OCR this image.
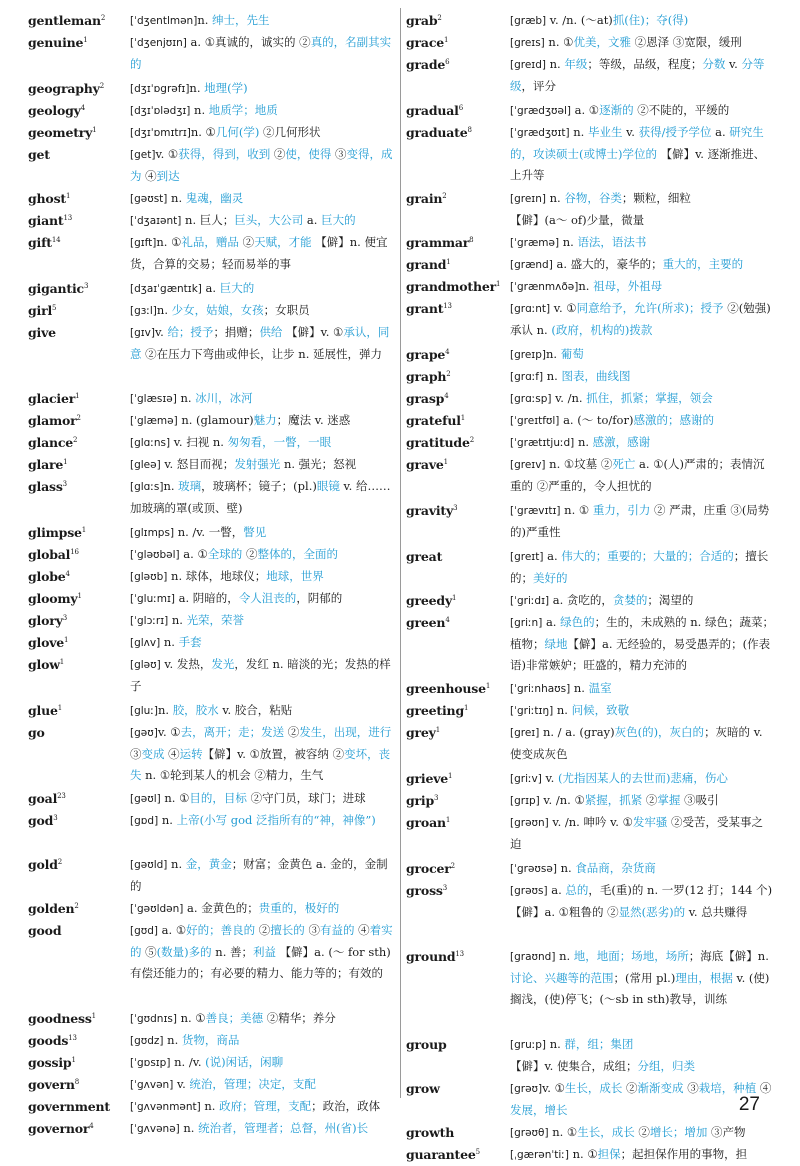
gentleman$^2$ [ˈdʒentlmən]n. 绅士，先生
genuine$^1$	[ˈdʒenjʊɪn] a. ①真诚的，诚实的 ②真的，名副其实的
geography$^2$ [dʒɪˈɒgrəfɪ]n. 地理(学)
geology$^4$	[dʒɪˈɒlədʒɪ] n. 地质学；地质
geometry$^1$	[dʒɪˈɒmɪtrɪ]n. ①几何(学) ②几何形状
get	[get]v. ①获得，得到，收到 ②使，使得 ③变得，成为 ④到达
ghost$^1$	[gəʊst] n. 鬼魂，幽灵
giant$^{13}$	[ˈdʒaɪənt] n. 巨人；巨头，大公司 a. 巨大的
gift$^{14}$	[gɪft]n. ①礼品，赠品 ②天赋，才能 【僻】n. 便宜货，合算的交易；轻而易举的事
gigantic$^3$	[dʒaɪˈgæntɪk] a. 巨大的
girl$^5$	[gɜːl]n. 少女，姑娘，女孩；女职员
give	[gɪv]v. 给；授予；捐赠；供给 【僻】v. ①承认，同意 ②在压力下弯曲或伸长，让步 n. 延展性，弹力
glacier$^1$	[ˈglæsɪə] n. 冰川，冰河
glamor$^2$	[ˈglæmə] n. (glamour)魅力；魔法 v. 迷惑
glance$^2$	[glɑːns] v. 扫视 n. 匆匆看，一瞥，一眼
glare$^1$	[gleə] v. 怒目而视；发射强光 n. 强光；怒视
glass$^3$	[glɑːs]n. 玻璃，玻璃杯；镜子；(pl.)眼镜 v. 给……加玻璃的罩(或顶、壁)
glimpse$^1$	[glɪmps] n. /v. 一瞥，瞥见
global$^{16}$	[ˈgləʊbəl] a. ①全球的 ②整体的，全面的
globe$^4$	[gləʊb] n. 球体，地球仪；地球，世界
gloomy$^1$	[ˈgluːmɪ] a. 阴暗的，令人沮丧的，阴郁的
glory$^3$	[ˈglɔːrɪ] n. 光荣，荣誉
glove$^1$	[glʌv] n. 手套
glow$^1$	[gləʊ] v. 发热，发光，发红 n. 暗淡的光；发热的样子
glue$^1$	[gluː]n. 胶，胶水 v. 胶合，粘贴
go	[gəʊ]v. ①去，离开；走；发送 ②发生，出现，进行 ③变成 ④运转【僻】v. ①放置，被容纳 ②变坏，丧失 n. ①轮到某人的机会 ②精力，生气
goal$^{23}$	[gəʊl] n. ①目的，目标 ②守门员，球门；进球
god$^3$	[gɒd] n. 上帝(小写 god 泛指所有的“神，神像”)
gold$^2$	[gəʊld] n. 金，黄金；财富；金黄色 a. 金的，金制的
golden$^2$	[ˈgəʊldən] a. 金黄色的；贵重的，极好的
good	[gʊd] a. ①好的；善良的 ②擅长的 ③有益的 ④着实的 ⑤(数量)多的 n. 善；利益 【僻】a. (～ for sth)有偿还能力的；有必要的精力、能力等的；有效的
goodness$^1$	[ˈgʊdnɪs] n. ①善良；美德 ②精华；养分
goods$^{13}$	[gʊdz] n. 货物，商品
gossip$^1$	[ˈgɒsɪp] n. /v. (说)闲话，闲聊
govern$^8$	[ˈgʌvən] v. 统治，管理；决定，支配
government [ˈgʌvənmənt] n. 政府；管理，支配；政治，政体
governor$^4$	[ˈgʌvənə] n. 统治者，管理者；总督，州(省)长
grab$^2$	[græb] v. /n. (～at)抓(住)；夺(得)
grace$^1$	[greɪs] n. ①优美，文雅 ②恩泽 ③宽限，缓刑
grade$^6$	[greɪd] n. 年级；等级，品级，程度；分数 v. 分等级，评分
gradual$^6$	[ˈgrædʒʊəl] a. ①逐渐的 ②不陡的，平缓的
graduate$^8$	[ˈgrædʒʊɪt] n. 毕业生 v. 获得/授予学位 a. 研究生的，攻读硕士(或博士)学位的 【僻】v. 逐渐推进、上升等
grain$^2$	[greɪn] n. 谷物，谷类；颗粒，细粒
【僻】(a～ of)少量，微量
grammar$^8$	[ˈgræmə] n. 语法，语法书
grand$^1$	[grænd] a. 盛大的，豪华的；重大的，主要的
grandmother$^1$ [ˈgrænmʌðə]n. 祖母，外祖母
grant$^{13}$	[grɑːnt] v. ①同意给予，允许(所求)；授予 ②(勉强)承认 n. (政府，机构的)拨款
grape$^4$	[greɪp]n. 葡萄
graph$^2$	[grɑːf] n. 图表，曲线图
grasp$^4$	[grɑːsp] v. /n. 抓住，抓紧；掌握，领会
grateful$^1$	[ˈgreɪtfʊl] a. (～ to/for)感激的；感谢的
gratitude$^2$	[ˈgrætɪtjuːd] n. 感激，感谢
grave$^1$	[greɪv] n. ①坟墓 ②死亡 a. ①(人)严肃的；表情沉重的 ②严重的，令人担忧的
gravity$^3$	[ˈgrævɪtɪ] n. ① 重力，引力 ② 严肃，庄重 ③(局势的)严重性
great	[greɪt] a. 伟大的；重要的；大量的；合适的；擅长的；美好的
greedy$^1$	[ˈgriːdɪ] a. 贪吃的，贪婪的；渴望的
green$^4$	[griːn] a. 绿色的；生的，未成熟的 n. 绿色；蔬菜；植物；绿地【僻】a. 无经验的，易受愚弄的；(作表语)非常嫉妒；旺盛的，精力充沛的
greenhouse$^1$ [ˈgriːnhaʊs] n. 温室
greeting$^1$	[ˈgriːtɪŋ] n. 问候，致敬
grey$^1$	[greɪ] n. / a. (gray)灰色(的)，灰白的；灰暗的 v. 使变成灰色
grieve$^1$	[griːv] v. (尤指因某人的去世而)悲痛，伤心
grip$^3$	[grɪp] v. /n. ①紧握，抓紧 ②掌握 ③吸引
groan$^1$	[grəʊn] v. /n. 呻吟 v. ①发牢骚 ②受苦，受某事之迫
grocer$^2$	[ˈgrəʊsə] n. 食品商，杂货商
gross$^3$	[grəʊs] a. 总的，毛(重)的 n. 一罗(12 打；144 个)【僻】a. ①粗鲁的 ②显然(恶劣)的 v. 总共赚得
ground$^{13}$	[graʊnd] n. 地，地面；场地，场所；海底【僻】n. 讨论、兴趣等的范围；(常用 pl.)理由，根据 v. (使)搁浅，(使)停飞；(～sb in sth)教导，训练
group	[gruːp] n. 群，组；集团
【僻】v. 使集合，成组；分组，归类
grow	[grəʊ]v. ①生长，成长 ②渐渐变成 ③栽培，种植 ④发展，增长
growth	[grəʊθ] n. ①生长，成长 ②增长；增加 ③产物
guarantee$^5$	[ˌgærənˈtiː] n. ①担保；起担保作用的事物，担
27
